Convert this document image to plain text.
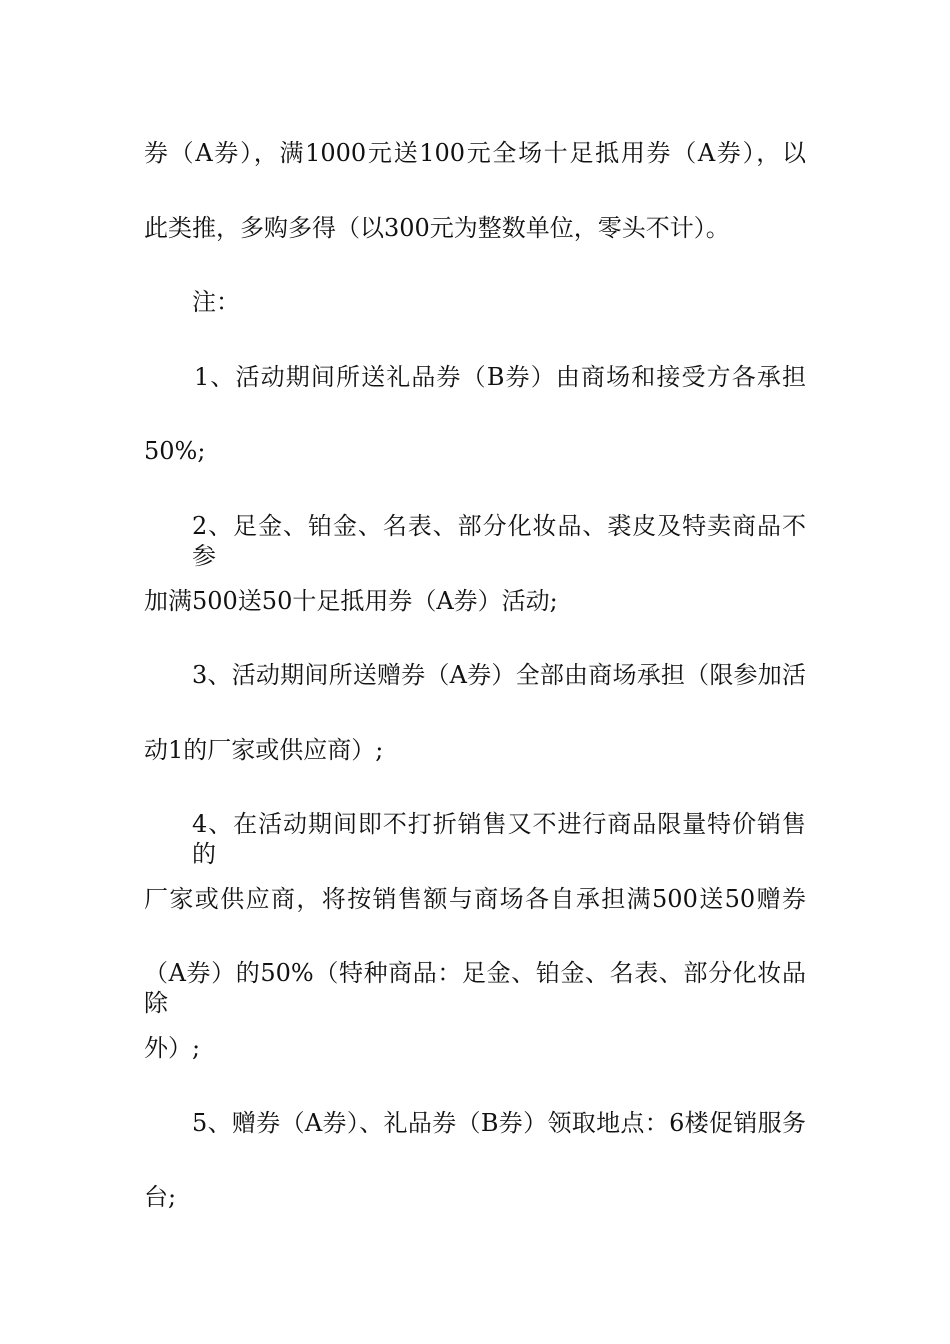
券（A券），满1000元送100元全场十足抵用券（A券），以
此类推，多购多得（以300元为整数单位，零头不计）。
注：
1、活动期间所送礼品券（B券）由商场和接受方各承担
50%;
2、足金、铂金、名表、部分化妆品、裘皮及特卖商品不参
加满500送50十足抵用券（A券）活动;
3、活动期间所送赠券（A券）全部由商场承担（限参加活
动1的厂家或供应商）;
4、在活动期间即不打折销售又不进行商品限量特价销售的
厂家或供应商，将按销售额与商场各自承担满500送50赠券
（A券）的50%（特种商品：足金、铂金、名表、部分化妆品除
外）;
5、赠券（A券）、礼品券（B券）领取地点：6楼促销服务
台;
